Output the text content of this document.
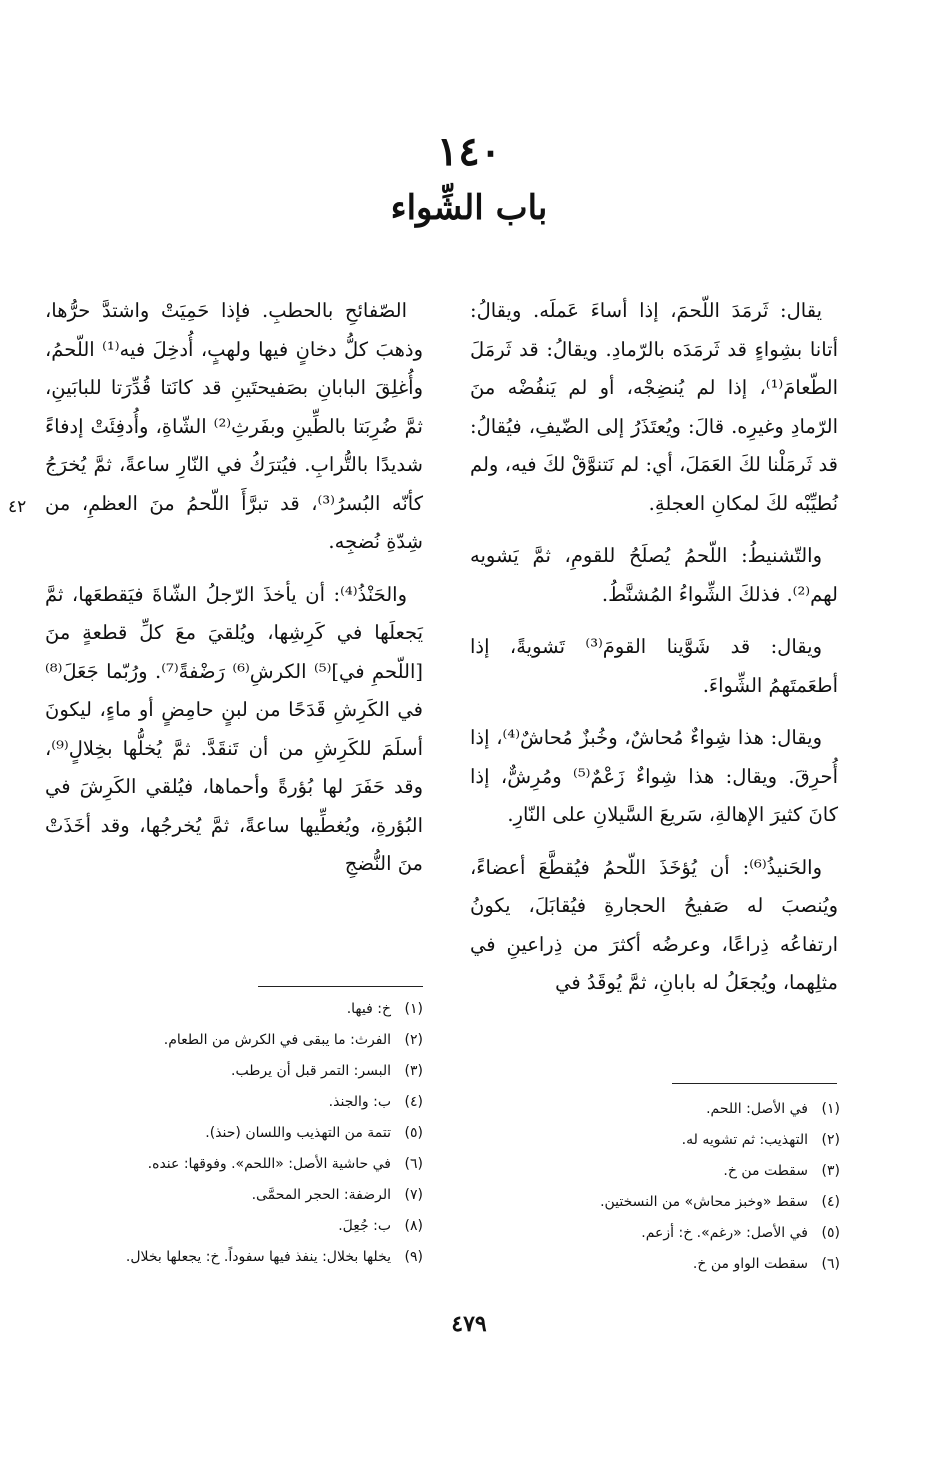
١٤٠
باب الشِّواء

يقال: ثَرمَدَ اللّحمَ، إذا أساءَ عَملَه. ويقالُ: أتانا بشِواءٍ قد ثَرمَدَه بالرّمادِ. ويقالُ: قد ثَرمَلَ الطّعامَ⁽¹⁾، إذا لم يُنضِجْه، أو لم يَنفُضْه منَ الرّمادِ وغيرِه. قالَ: ويُعتَذَرُ إلى الضّيفِ، فيُقالُ: قد ثَرمَلْنا لكَ العَمَلَ، أي: لم نَتنوَّقْ لكَ فيه، ولم نُطيِّبْه لكَ لمكانِ العجلةِ.

والتّشنيطُ: اللّحمُ يُصلَحُ للقومِ، ثمَّ يَشويه لهم⁽²⁾. فذلكَ الشِّواءُ المُشنَّطُ.

ويقال: قد شَوَّينا القومَ⁽³⁾ تَشويةً، إذا أطعَمتَهمُ الشِّواءَ.

ويقال: هذا شِواءٌ مُحاشٌ، وخُبزٌ مُحاشٌ⁽⁴⁾، إذا أُحرِقَ. ويقال: هذا شِواءٌ زَعْمٌ⁽⁵⁾ ومُرِشٌّ، إذا كانَ كثيرَ الإهالةِ، سَريعَ السَّيلانِ على النّارِ.

والحَنيذُ⁽⁶⁾: أن يُؤخَذَ اللّحمُ فيُقطَّعَ أعضاءً، ويُنصبَ له صَفيحُ الحجارةِ فيُقابَلَ، يكونُ ارتفاعُه ذِراعًا، وعرضُه أكثرَ من ذِراعينِ في مثلِهما، ويُجعَلُ له بابانِ، ثمَّ يُوقَدُ في

الصّفائحِ بالحطبِ. فإذا حَمِيَتْ واشتدَّ حرُّها، وذهبَ كلُّ دخانٍ فيها ولهبٍ، أُدخِلَ فيه⁽¹⁾ اللّحمُ، وأُغلِقَ البابانِ بصَفيحتَينِ قد كانَتا قُدِّرَتا للبابَينِ، ثمَّ ضُرِبَتا بالطِّينِ وبفَرثِ⁽²⁾ الشّاةِ، وأُدفِئَتْ إدفاءً شديدًا بالتُّرابِ. فيُترَكُ في النّارِ ساعةً، ثمَّ يُخرَجُ كأنّه البُسرُ⁽³⁾، قد تبرَّأَ اللّحمُ منَ العظمِ، من شِدّةِ نُضجِه.

والحَنْذُ⁽⁴⁾: أن يأخذَ الرّجلُ الشّاةَ فيَقطعَها، ثمَّ يَجعلَها في كَرِشِها، ويُلقيَ معَ كلِّ قطعةٍ منَ [اللّحمِ في]⁽⁵⁾ الكرشِ⁽⁶⁾ رَضْفةً⁽⁷⁾. ورُبّما جَعَلَ⁽⁸⁾ في الكَرِشِ قَدَحًا من لبنٍ حامِضٍ أو ماءٍ، ليكونَ أسلَمَ للكَرِشِ من أن تَنقَدَّ. ثمَّ يُخلُّها بخِلالٍ⁽⁹⁾، وقد حَفَرَ لها بُؤرةً وأحماها، فيُلقي الكَرِشَ في البُؤرةِ، ويُغطِّيها ساعةً، ثمَّ يُخرجُها، وقد أخَذَتْ منَ النُّضجِ

٤٢
(١)في الأصل: اللحم.
(٢)التهذيب: ثم تشويه له.
(٣)سقطت من خ.
(٤)سقط «وخبز محاش» من النسختين.
(٥)في الأصل: «رغم». خ: أزعم.
(٦)سقطت الواو من خ.
(١)خ: فيها.
(٢)الفرث: ما يبقى في الكرش من الطعام.
(٣)البسر: التمر قبل أن يرطب.
(٤)ب: والجنذ.
(٥)تتمة من التهذيب واللسان (حنذ).
(٦)في حاشية الأصل: «اللحم». وفوقها: عنده.
(٧)الرضفة: الحجر المحمَّى.
(٨)ب: جُعِلَ.
(٩)يخلها بخلال: ينفذ فيها سفوداً. خ: يجعلها بخلال.
٤٧٩
